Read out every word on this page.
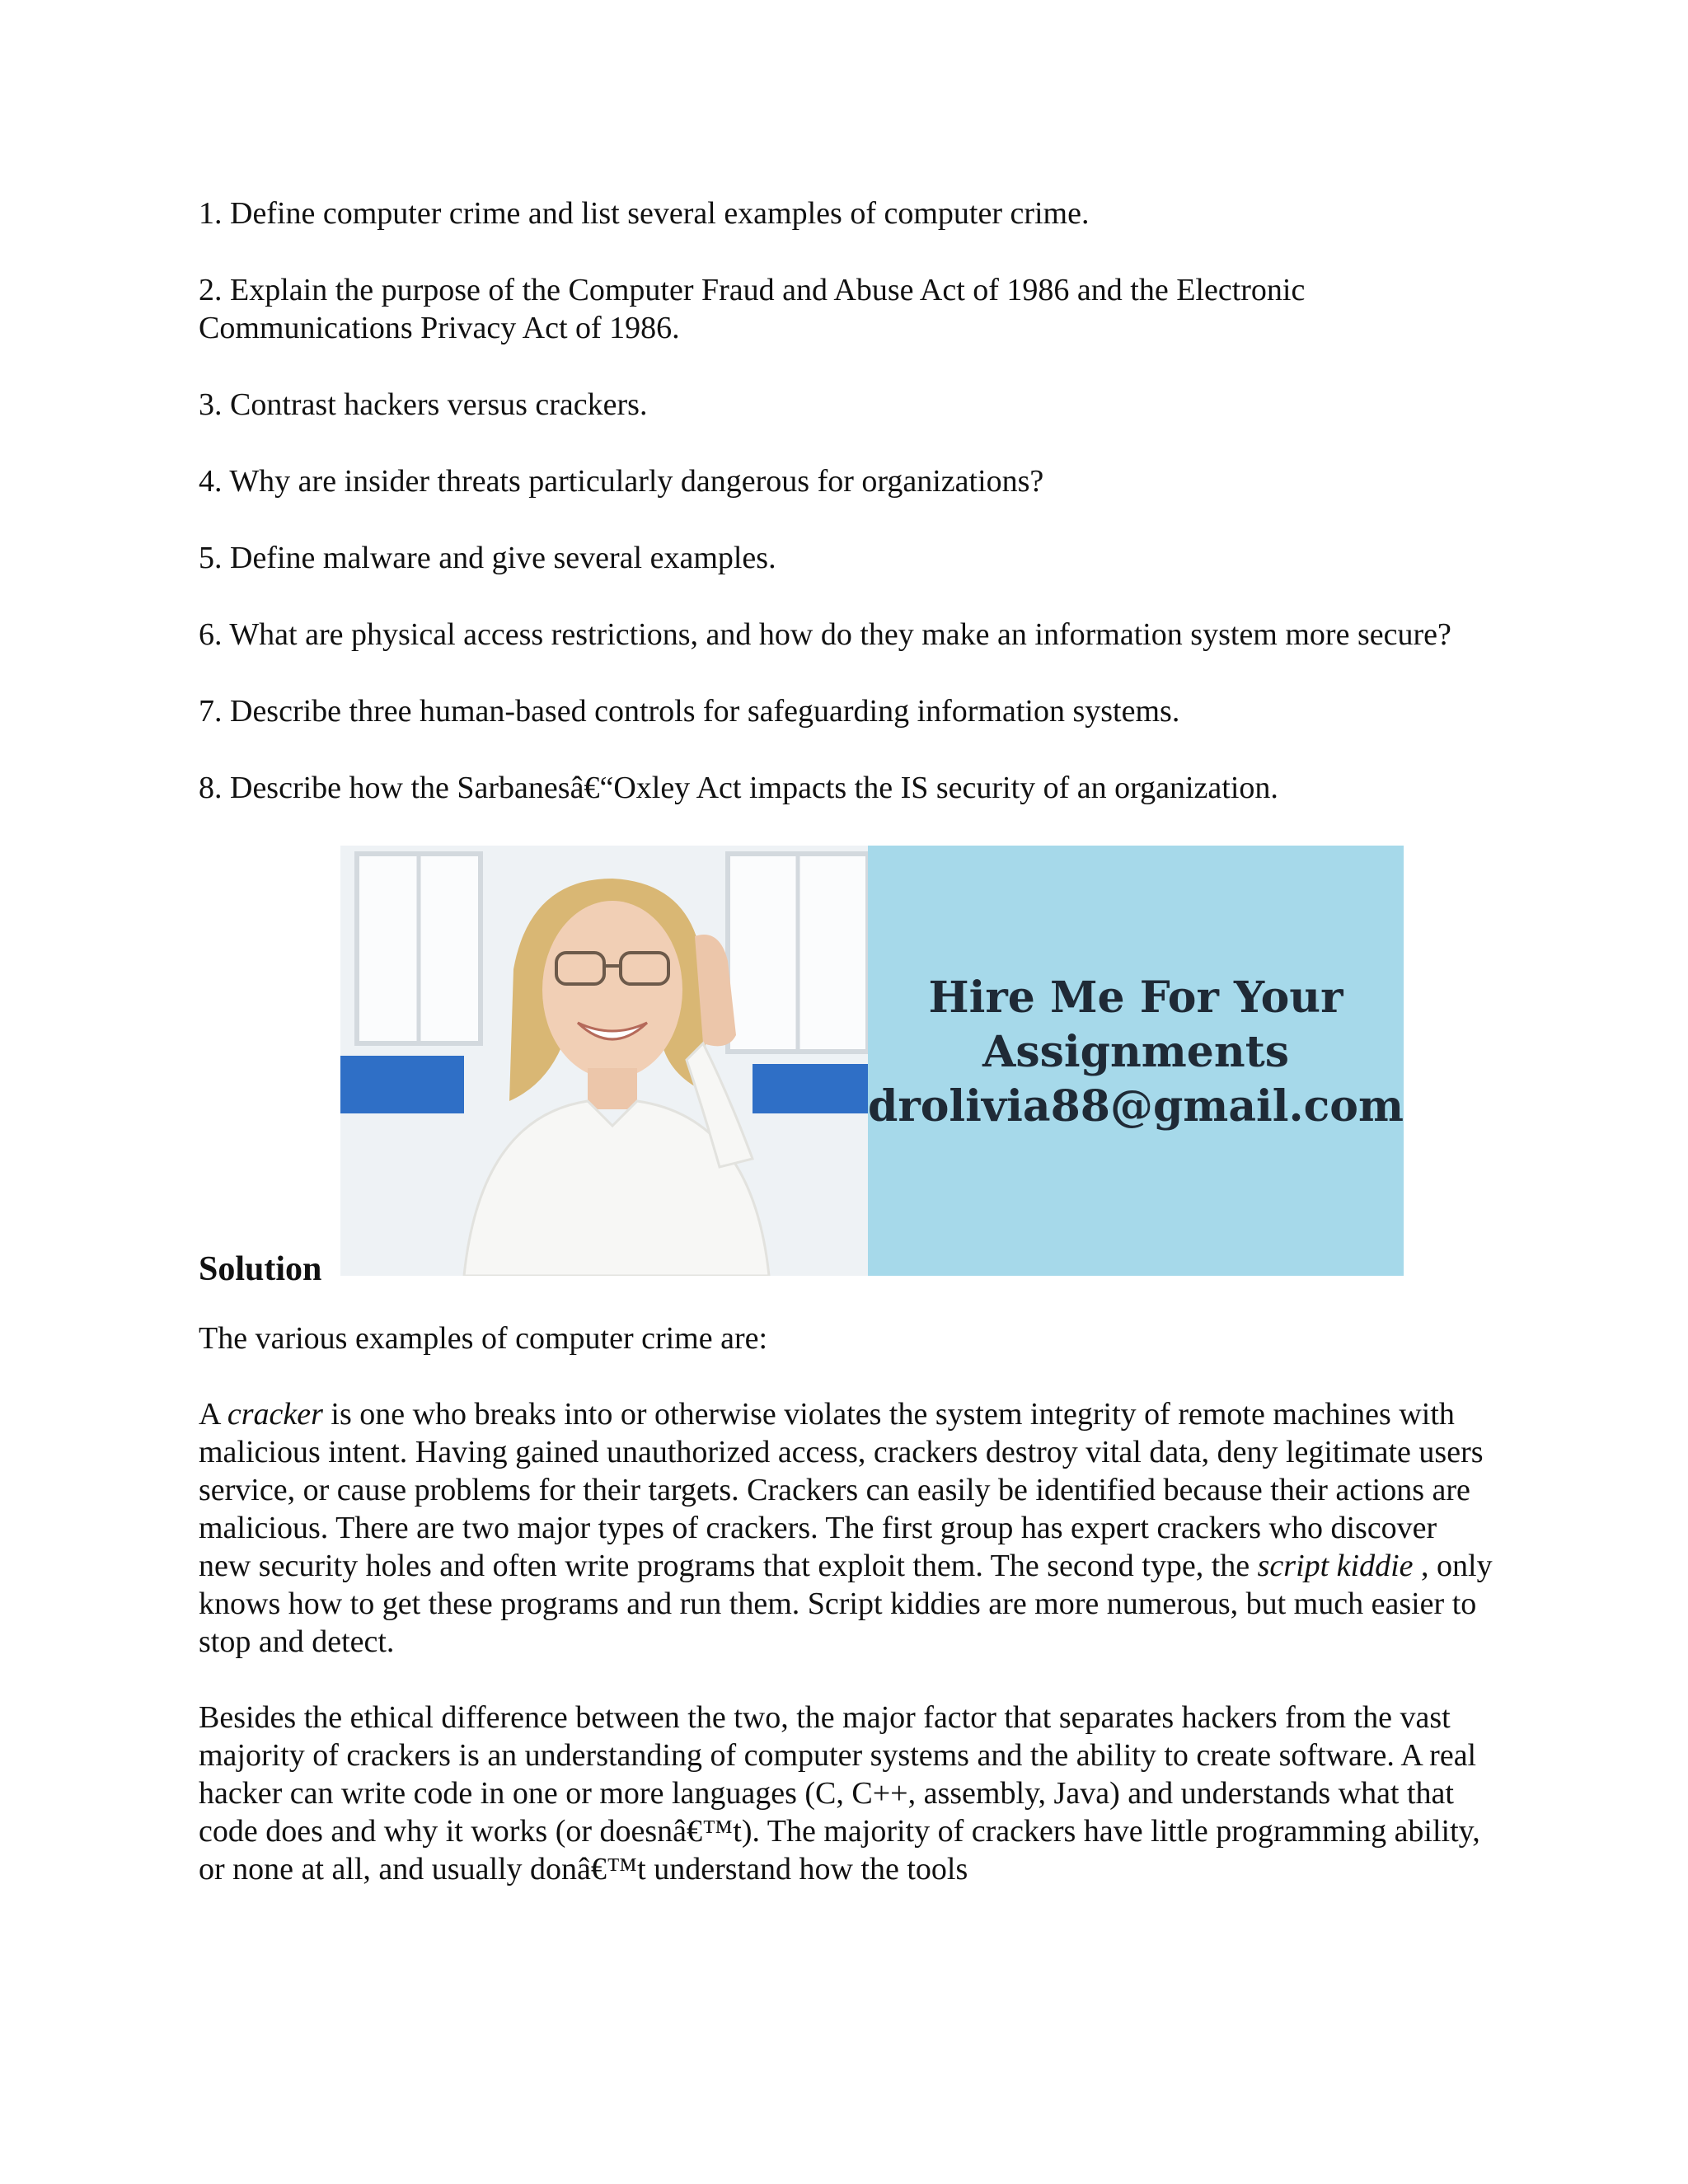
1. Define computer crime and list several examples of computer crime.

2. Explain the purpose of the Computer Fraud and Abuse Act of 1986 and the Electronic Communications Privacy Act of 1986.

3. Contrast hackers versus crackers.

4. Why are insider threats particularly dangerous for organizations?

5. Define malware and give several examples.

6. What are physical access restrictions, and how do they make an information system more secure?

7. Describe three human-based controls for safeguarding information systems.

8. Describe how the Sarbanesâ€“Oxley Act impacts the IS security of an organization.

Solution
Hire Me For Your
Assignments
drolivia88@gmail.com

The various examples of computer crime are:

A cracker is one who breaks into or otherwise violates the system integrity of remote machines with malicious intent. Having gained unauthorized access, crackers destroy vital data, deny legitimate users service, or cause problems for their targets. Crackers can easily be identified because their actions are malicious. There are two major types of crackers. The first group has expert crackers who discover new security holes and often write programs that exploit them. The second type, the script kiddie , only knows how to get these programs and run them. Script kiddies are more numerous, but much easier to stop and detect.

Besides the ethical difference between the two, the major factor that separates hackers from the vast majority of crackers is an understanding of computer systems and the ability to create software. A real hacker can write code in one or more languages (C, C++, assembly, Java) and understands what that code does and why it works (or doesnâ€™t). The majority of crackers have little programming ability, or none at all, and usually donâ€™t understand how the tools
